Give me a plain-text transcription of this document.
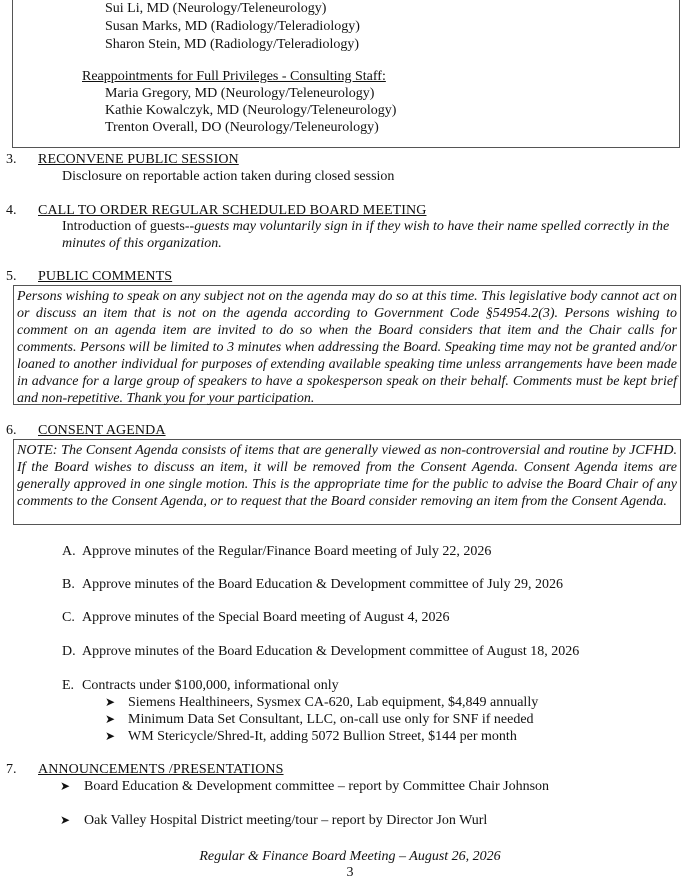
Sui Li, MD (Neurology/Teleneurology)
Susan Marks, MD (Radiology/Teleradiology)
Sharon Stein, MD (Radiology/Teleradiology)
Reappointments for Full Privileges - Consulting Staff:
Maria Gregory, MD (Neurology/Teleneurology)
Kathie Kowalczyk, MD (Neurology/Teleneurology)
Trenton Overall, DO (Neurology/Teleneurology)
3. RECONVENE PUBLIC SESSION
Disclosure on reportable action taken during closed session
4. CALL TO ORDER REGULAR SCHEDULED BOARD MEETING
Introduction of guests--guests may voluntarily sign in if they wish to have their name spelled correctly in the
minutes of this organization.
5. PUBLIC COMMENTS
Persons wishing to speak on any subject not on the agenda may do so at this time. This legislative body cannot act on or discuss an item that is not on the agenda according to Government Code §54954.2(3). Persons wishing to comment on an agenda item are invited to do so when the Board considers that item and the Chair calls for comments. Persons will be limited to 3 minutes when addressing the Board. Speaking time may not be granted and/or loaned to another individual for purposes of extending available speaking time unless arrangements have been made in advance for a large group of speakers to have a spokesperson speak on their behalf. Comments must be kept brief and non-repetitive. Thank you for your participation.
6. CONSENT AGENDA
NOTE: The Consent Agenda consists of items that are generally viewed as non-controversial and routine by JCFHD. If the Board wishes to discuss an item, it will be removed from the Consent Agenda. Consent Agenda items are generally approved in one single motion. This is the appropriate time for the public to advise the Board Chair of any comments to the Consent Agenda, or to request that the Board consider removing an item from the Consent Agenda.
A. Approve minutes of the Regular/Finance Board meeting of July 22, 2026
B. Approve minutes of the Board Education & Development committee of July 29, 2026
C. Approve minutes of the Special Board meeting of August 4, 2026
D. Approve minutes of the Board Education & Development committee of August 18, 2026
E. Contracts under $100,000, informational only
➤ Siemens Healthineers, Sysmex CA-620, Lab equipment, $4,849 annually
➤ Minimum Data Set Consultant, LLC, on-call use only for SNF if needed
➤ WM Stericycle/Shred-It, adding 5072 Bullion Street, $144 per month
7. ANNOUNCEMENTS /PRESENTATIONS
➤ Board Education & Development committee – report by Committee Chair Johnson
➤ Oak Valley Hospital District meeting/tour – report by Director Jon Wurl
Regular & Finance Board Meeting – August 26, 2026
3
